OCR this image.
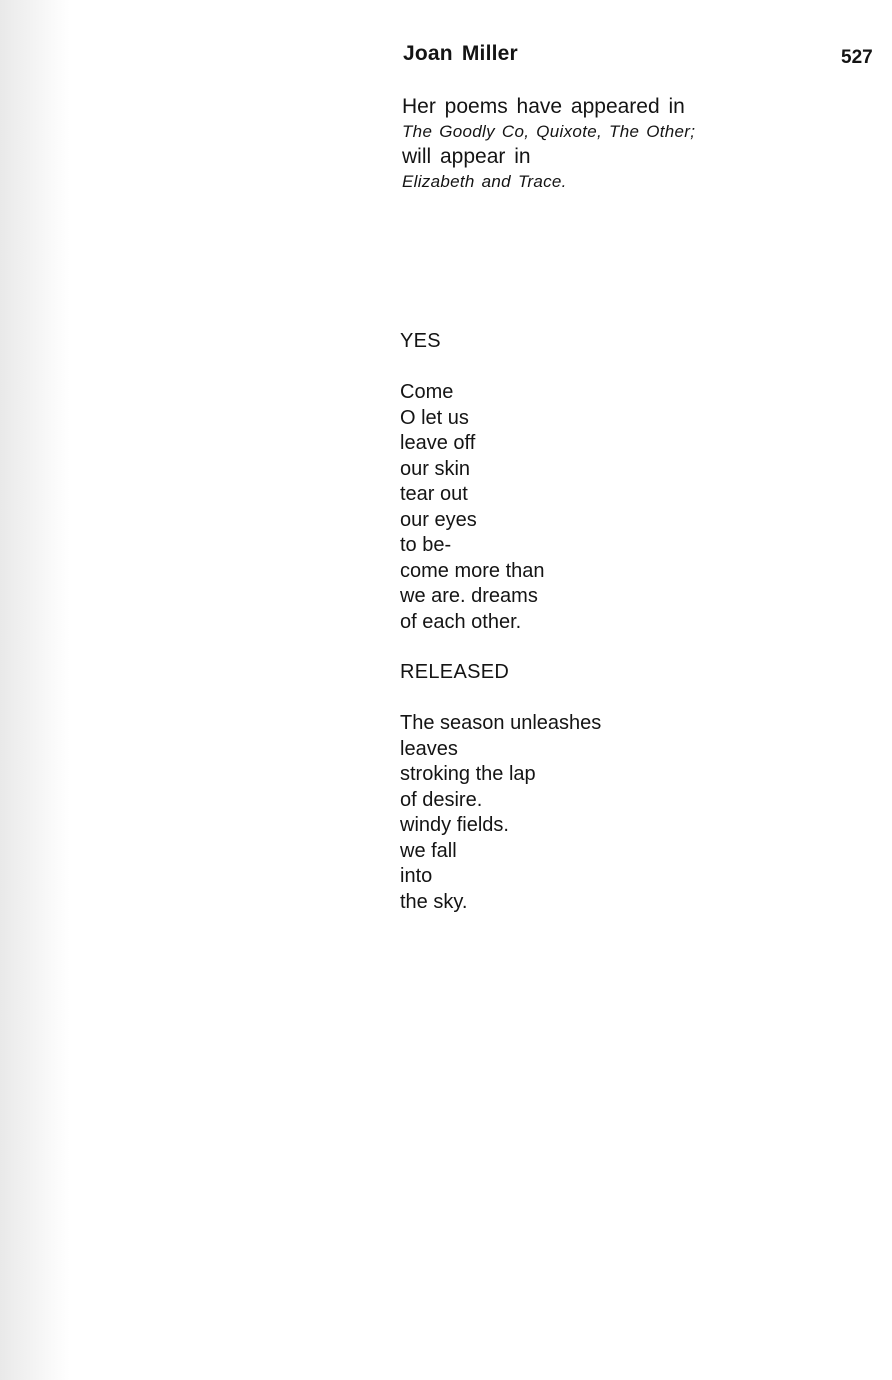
Joan Miller	527
Her poems have appeared in
The Goodly Co, Quixote, The Other;
will appear in
Elizabeth and Trace.
YES
Come
O let us
leave off
our skin
tear out
our eyes
to be-
come more than
we are. dreams
of each other.
RELEASED
The season unleashes
leaves
stroking the lap
of desire.
windy fields.
we fall
into
the sky.
